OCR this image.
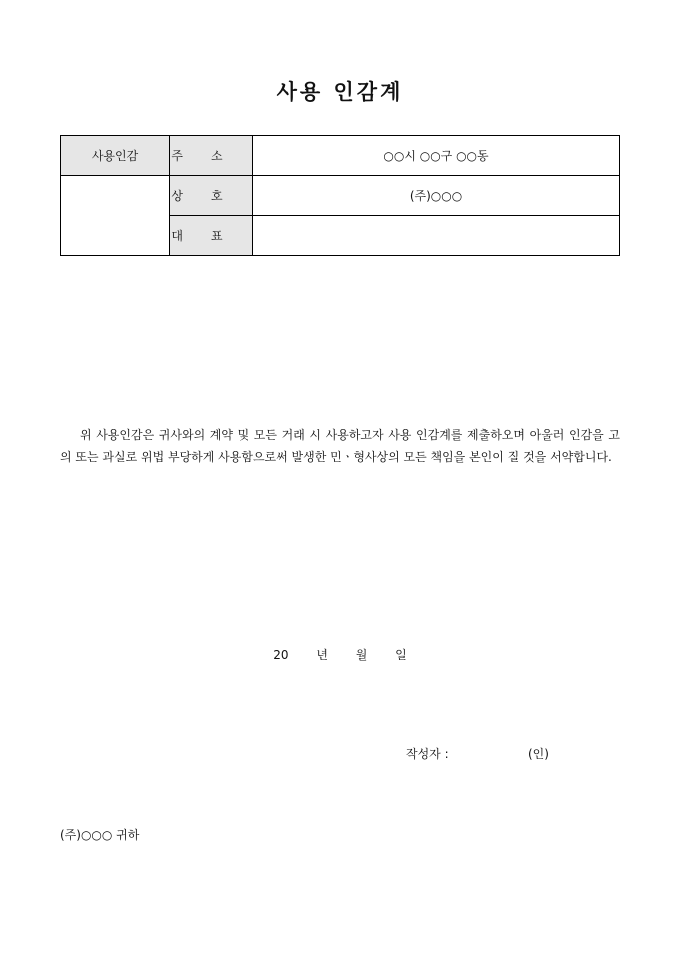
사용 인감계
사용인감	주소	○○시 ○○구 ○○동
	상호	(주)○○○
	대표	
위 사용인감은 귀사와의 계약 및 모든 거래 시 사용하고자 사용 인감계를 제출하오며 아울러 인감을 고의 또는 과실로 위법 부당하게 사용함으로써 발생한 민ㆍ형사상의 모든 책임을 본인이 질 것을 서약합니다.
20 년 월 일
작성자 :	(인)
(주)○○○ 귀하
